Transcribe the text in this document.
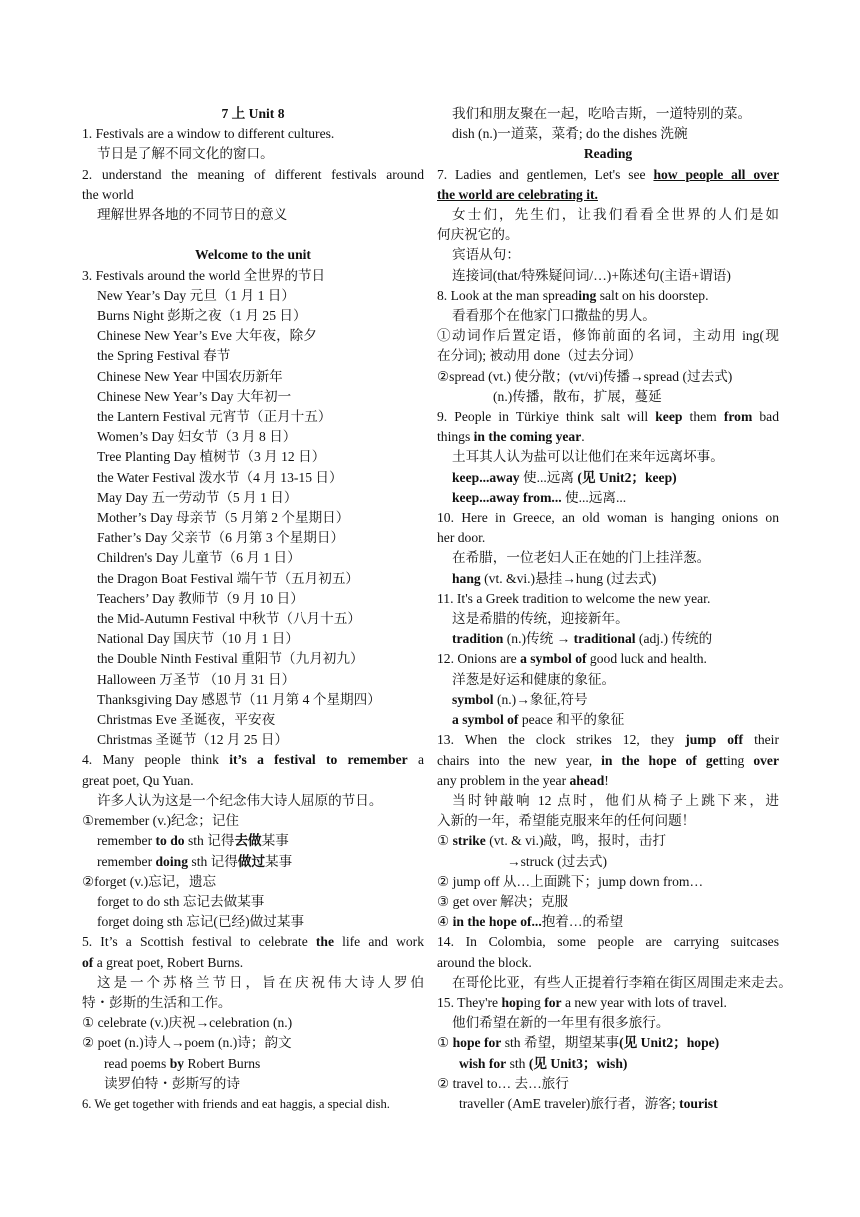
7 上 Unit 8
1. Festivals are a window to different cultures.
节日是了解不同文化的窗口。
2. understand the meaning of different festivals around
the world
理解世界各地的不同节日的意义
Welcome to the unit
3. Festivals around the world 全世界的节日
New Year’s Day 元旦（1 月 1 日）
Burns Night 彭斯之夜（1 月 25 日）
Chinese New Year’s Eve 大年夜，除夕
the Spring Festival 春节
Chinese New Year 中国农历新年
Chinese New Year’s Day 大年初一
the Lantern Festival 元宵节（正月十五）
Women’s Day 妇女节（3 月 8 日）
Tree Planting Day 植树节（3 月 12 日）
the Water Festival 泼水节（4 月 13-15 日）
May Day 五一劳动节（5 月 1 日）
Mother’s Day 母亲节（5 月第 2 个星期日）
Father’s Day 父亲节（6 月第 3 个星期日）
Children's Day 儿童节（6 月 1 日）
the Dragon Boat Festival 端午节（五月初五）
Teachers’ Day 教师节（9 月 10 日）
the Mid-Autumn Festival 中秋节（八月十五）
National Day 国庆节（10 月 1 日）
the Double Ninth Festival 重阳节（九月初九）
Halloween 万圣节 （10 月 31 日）
Thanksgiving Day 感恩节（11 月第 4 个星期四）
Christmas Eve 圣诞夜，平安夜
Christmas 圣诞节（12 月 25 日）
4. Many people think it’s a festival to remember a
great poet, Qu Yuan.
许多人认为这是一个纪念伟大诗人屈原的节日。
①remember (v.)纪念；记住
remember to do sth 记得去做某事
remember doing sth 记得做过某事
②forget (v.)忘记，遗忘
forget to do sth 忘记去做某事
forget doing sth 忘记(已经)做过某事
5. It’s a Scottish festival to celebrate the life and work
of a great poet, Robert Burns.
这是一个苏格兰节日，旨在庆祝伟大诗人罗伯
特・彭斯的生活和工作。
① celebrate (v.)庆祝→celebration (n.)
② poet (n.)诗人→poem (n.)诗；韵文
read poems by Robert Burns
读罗伯特・彭斯写的诗
6. We get together with friends and eat haggis, a special dish.
我们和朋友聚在一起，吃哈吉斯，一道特别的菜。
dish (n.)一道菜，菜肴; do the dishes 洗碗
Reading
7. Ladies and gentlemen, Let's see how people all over
the world are celebrating it.
女士们，先生们，让我们看看全世界的人们是如
何庆祝它的。
宾语从句：
连接词(that/特殊疑问词/…)+陈述句(主语+谓语)
8. Look at the man spreading salt on his doorstep.
看看那个在他家门口撒盐的男人。
①动词作后置定语，修饰前面的名词，主动用 ing(现
在分词); 被动用 done（过去分词）
②spread (vt.) 使分散；(vt/vi)传播→spread (过去式)
(n.)传播，散布，扩展，蔓延
9. People in Türkiye think salt will keep them from bad
things in the coming year.
土耳其人认为盐可以让他们在来年远离坏事。
keep...away 使...远离 (见 Unit2；keep)
keep...away from... 使...远离...
10. Here in Greece, an old woman is hanging onions on
her door.
在希腊，一位老妇人正在她的门上挂洋葱。
hang (vt. &vi.)悬挂→hung (过去式)
11. It's a Greek tradition to welcome the new year.
这是希腊的传统，迎接新年。
tradition (n.)传统 → traditional (adj.) 传统的
12. Onions are a symbol of good luck and health.
洋葱是好运和健康的象征。
symbol (n.)→象征,符号
a symbol of peace 和平的象征
13. When the clock strikes 12, they jump off their
chairs into the new year, in the hope of getting over
any problem in the year ahead!
当时钟敲响 12 点时，他们从椅子上跳下来，进
入新的一年，希望能克服来年的任何问题！
① strike (vt. & vi.)敲，鸣，报时，击打
→struck (过去式)
② jump off 从…上面跳下；jump down from…
③ get over 解决；克服
④ in the hope of...抱着…的希望
14. In Colombia, some people are carrying suitcases
around the block.
在哥伦比亚，有些人正提着行李箱在街区周围走来走去。
15. They're hoping for a new year with lots of travel.
他们希望在新的一年里有很多旅行。
① hope for sth 希望，期望某事(见 Unit2；hope)
wish for sth (见 Unit3；wish)
② travel to… 去…旅行
traveller (AmE traveler)旅行者，游客; tourist
